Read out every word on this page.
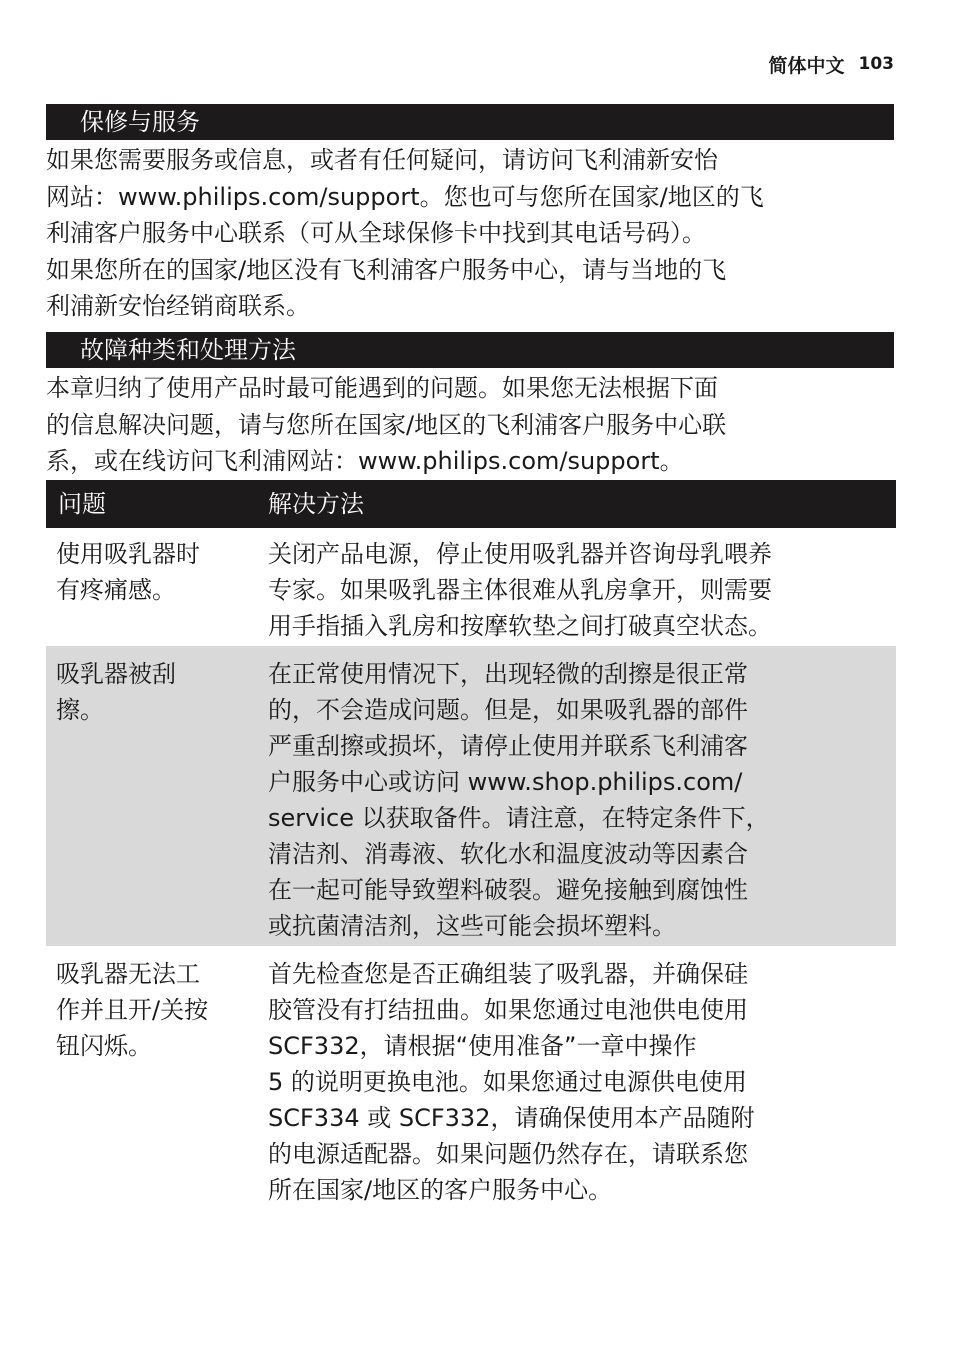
简体中文 103
保修与服务

如果您需要服务或信息，或者有任何疑问，请访问飞利浦新安怡
网站：www.philips.com/support。您也可与您所在国家/地区的飞
利浦客户服务中心联系（可从全球保修卡中找到其电话号码）。
如果您所在的国家/地区没有飞利浦客户服务中心，请与当地的飞
利浦新安怡经销商联系。

故障种类和处理方法

本章归纳了使用产品时最可能遇到的问题。如果您无法根据下面
的信息解决问题，请与您所在国家/地区的飞利浦客户服务中心联
系，或在线访问飞利浦网站：www.philips.com/support。

问题	解决方法
使用吸乳器时
有疼痛感。
关闭产品电源，停止使用吸乳器并咨询母乳喂养
专家。如果吸乳器主体很难从乳房拿开，则需要
用手指插入乳房和按摩软垫之间打破真空状态。
吸乳器被刮
擦。
在正常使用情况下，出现轻微的刮擦是很正常
的，不会造成问题。但是，如果吸乳器的部件
严重刮擦或损坏，请停止使用并联系飞利浦客
户服务中心或访问 www.shop.philips.com/
service 以获取备件。请注意，在特定条件下，
清洁剂、消毒液、软化水和温度波动等因素合
在一起可能导致塑料破裂。避免接触到腐蚀性
或抗菌清洁剂，这些可能会损坏塑料。
吸乳器无法工
作并且开/关按
钮闪烁。
首先检查您是否正确组装了吸乳器，并确保硅
胶管没有打结扭曲。如果您通过电池供电使用
SCF332，请根据“使用准备”一章中操作
5 的说明更换电池。如果您通过电源供电使用
SCF334 或 SCF332，请确保使用本产品随附
的电源适配器。如果问题仍然存在，请联系您
所在国家/地区的客户服务中心。
